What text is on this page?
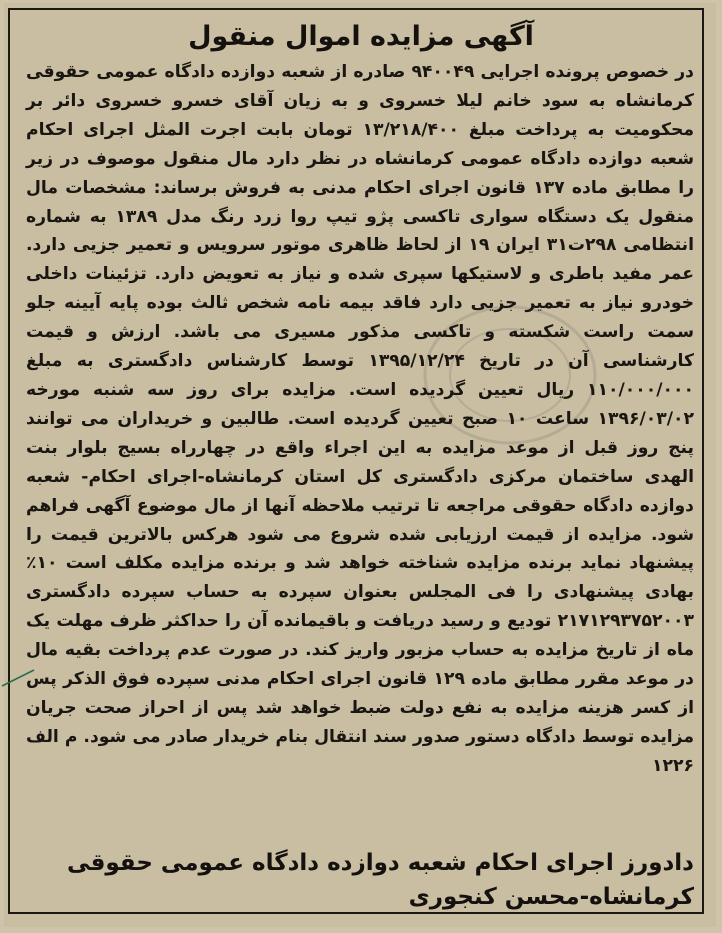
آگهی مزایده اموال منقول
در خصوص پرونده اجرایی ۹۴۰۰۴۹ صادره از شعبه دوازده دادگاه عمومی حقوقی کرمانشاه به سود خانم لیلا خسروی و به زیان آقای خسرو خسروی دائر بر محکومیت به پرداخت مبلغ ۱۳/۲۱۸/۴۰۰ تومان بابت اجرت المثل اجرای احکام شعبه دوازده دادگاه عمومی کرمانشاه در نظر دارد مال منقول موصوف در زیر را مطابق ماده ۱۳۷ قانون اجرای احکام مدنی به فروش برساند: مشخصات مال منقول یک دستگاه سواری تاکسی پژو تیپ روا زرد رنگ مدل ۱۳۸۹ به شماره انتظامی ۲۹۸ت۳۱ ایران ۱۹ از لحاظ ظاهری موتور سرویس و تعمیر جزیی دارد. عمر مفید باطری و لاستیکها سپری شده و نیاز به تعویض دارد. تزئینات داخلی خودرو نیاز به تعمیر جزیی دارد فاقد بیمه نامه شخص ثالث بوده پایه آیینه جلو سمت راست شکسته و تاکسی مذکور مسیری می باشد. ارزش و قیمت کارشناسی آن در تاریخ ۱۳۹۵/۱۲/۲۴ توسط کارشناس دادگستری به مبلغ ۱۱۰/۰۰۰/۰۰۰ ریال تعیین گردیده است. مزایده برای روز سه شنبه مورخه ۱۳۹۶/۰۳/۰۲ ساعت ۱۰ صبح تعیین گردیده است. طالبین و خریداران می توانند پنج روز قبل از موعد مزایده به این اجراء واقع در چهارراه بسیج بلوار بنت الهدی ساختمان مرکزی دادگستری کل استان کرمانشاه-اجرای احکام- شعبه دوازده دادگاه حقوقی مراجعه تا ترتیب ملاحظه آنها از مال موضوع آگهی فراهم شود. مزایده از قیمت ارزیابی شده شروع می شود هرکس بالاترین قیمت را پیشنهاد نماید برنده مزایده شناخته خواهد شد و برنده مزایده مکلف است ۱۰٪ بهادی پیشنهادی را فی المجلس بعنوان سپرده به حساب سپرده دادگستری ۲۱۷۱۲۹۳۷۵۲۰۰۳ تودیع و رسید دریافت و باقیمانده آن را حداکثر ظرف مهلت یک ماه از تاریخ مزایده به حساب مزبور واریز کند. در صورت عدم پرداخت بقیه مال در موعد مقرر مطابق ماده ۱۲۹ قانون اجرای احکام مدنی سپرده فوق الذکر پس از کسر هزینه مزایده به نفع دولت ضبط خواهد شد پس از احراز صحت جریان مزایده توسط دادگاه دستور صدور سند انتقال بنام خریدار صادر می شود. م الف ۱۲۲۶
دادورز اجرای احکام شعبه دوازده دادگاه عمومی حقوقی
کرمانشاه-محسن کنجوری
